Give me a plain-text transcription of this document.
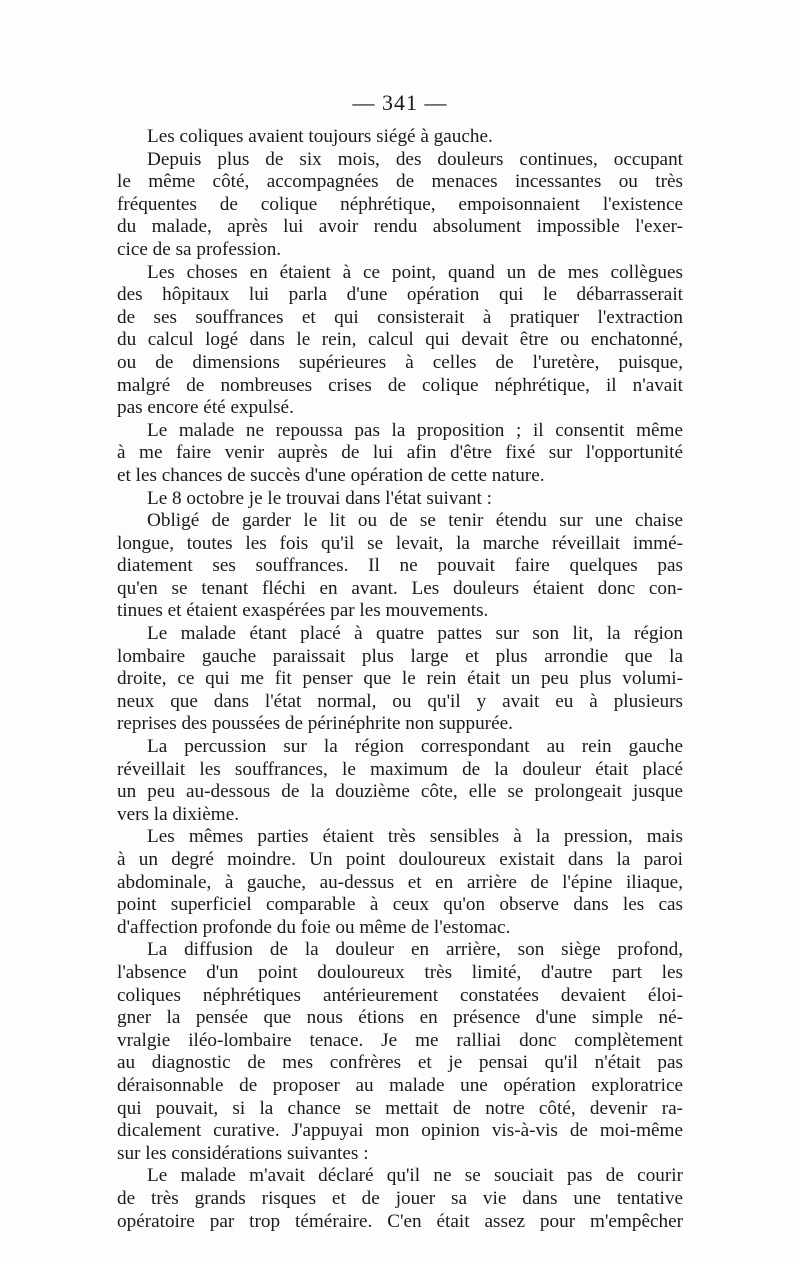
— 341 —

Les coliques avaient toujours siégé à gauche.

Depuis plus de six mois, des douleurs continues, occupant
le même côté, accompagnées de menaces incessantes ou très
fréquentes de colique néphrétique, empoisonnaient l'existence
du malade, après lui avoir rendu absolument impossible l'exer-
cice de sa profession.

Les choses en étaient à ce point, quand un de mes collègues
des hôpitaux lui parla d'une opération qui le débarrasserait
de ses souffrances et qui consisterait à pratiquer l'extraction
du calcul logé dans le rein, calcul qui devait être ou enchatonné,
ou de dimensions supérieures à celles de l'uretère, puisque,
malgré de nombreuses crises de colique néphrétique, il n'avait
pas encore été expulsé.

Le malade ne repoussa pas la proposition ; il consentit même
à me faire venir auprès de lui afin d'être fixé sur l'opportunité
et les chances de succès d'une opération de cette nature.

Le 8 octobre je le trouvai dans l'état suivant :

Obligé de garder le lit ou de se tenir étendu sur une chaise
longue, toutes les fois qu'il se levait, la marche réveillait immé-
diatement ses souffrances. Il ne pouvait faire quelques pas
qu'en se tenant fléchi en avant. Les douleurs étaient donc con-
tinues et étaient exaspérées par les mouvements.

Le malade étant placé à quatre pattes sur son lit, la région
lombaire gauche paraissait plus large et plus arrondie que la
droite, ce qui me fit penser que le rein était un peu plus volumi-
neux que dans l'état normal, ou qu'il y avait eu à plusieurs
reprises des poussées de périnéphrite non suppurée.

La percussion sur la région correspondant au rein gauche
réveillait les souffrances, le maximum de la douleur était placé
un peu au-dessous de la douzième côte, elle se prolongeait jusque
vers la dixième.

Les mêmes parties étaient très sensibles à la pression, mais
à un degré moindre. Un point douloureux existait dans la paroi
abdominale, à gauche, au-dessus et en arrière de l'épine iliaque,
point superficiel comparable à ceux qu'on observe dans les cas
d'affection profonde du foie ou même de l'estomac.

La diffusion de la douleur en arrière, son siège profond,
l'absence d'un point douloureux très limité, d'autre part les
coliques néphrétiques antérieurement constatées devaient éloi-
gner la pensée que nous étions en présence d'une simple né-
vralgie iléo-lombaire tenace. Je me ralliai donc complètement
au diagnostic de mes confrères et je pensai qu'il n'était pas
déraisonnable de proposer au malade une opération exploratrice
qui pouvait, si la chance se mettait de notre côté, devenir ra-
dicalement curative. J'appuyai mon opinion vis-à-vis de moi-même
sur les considérations suivantes :

Le malade m'avait déclaré qu'il ne se souciait pas de courir
de très grands risques et de jouer sa vie dans une tentative
opératoire par trop téméraire. C'en était assez pour m'empêcher
